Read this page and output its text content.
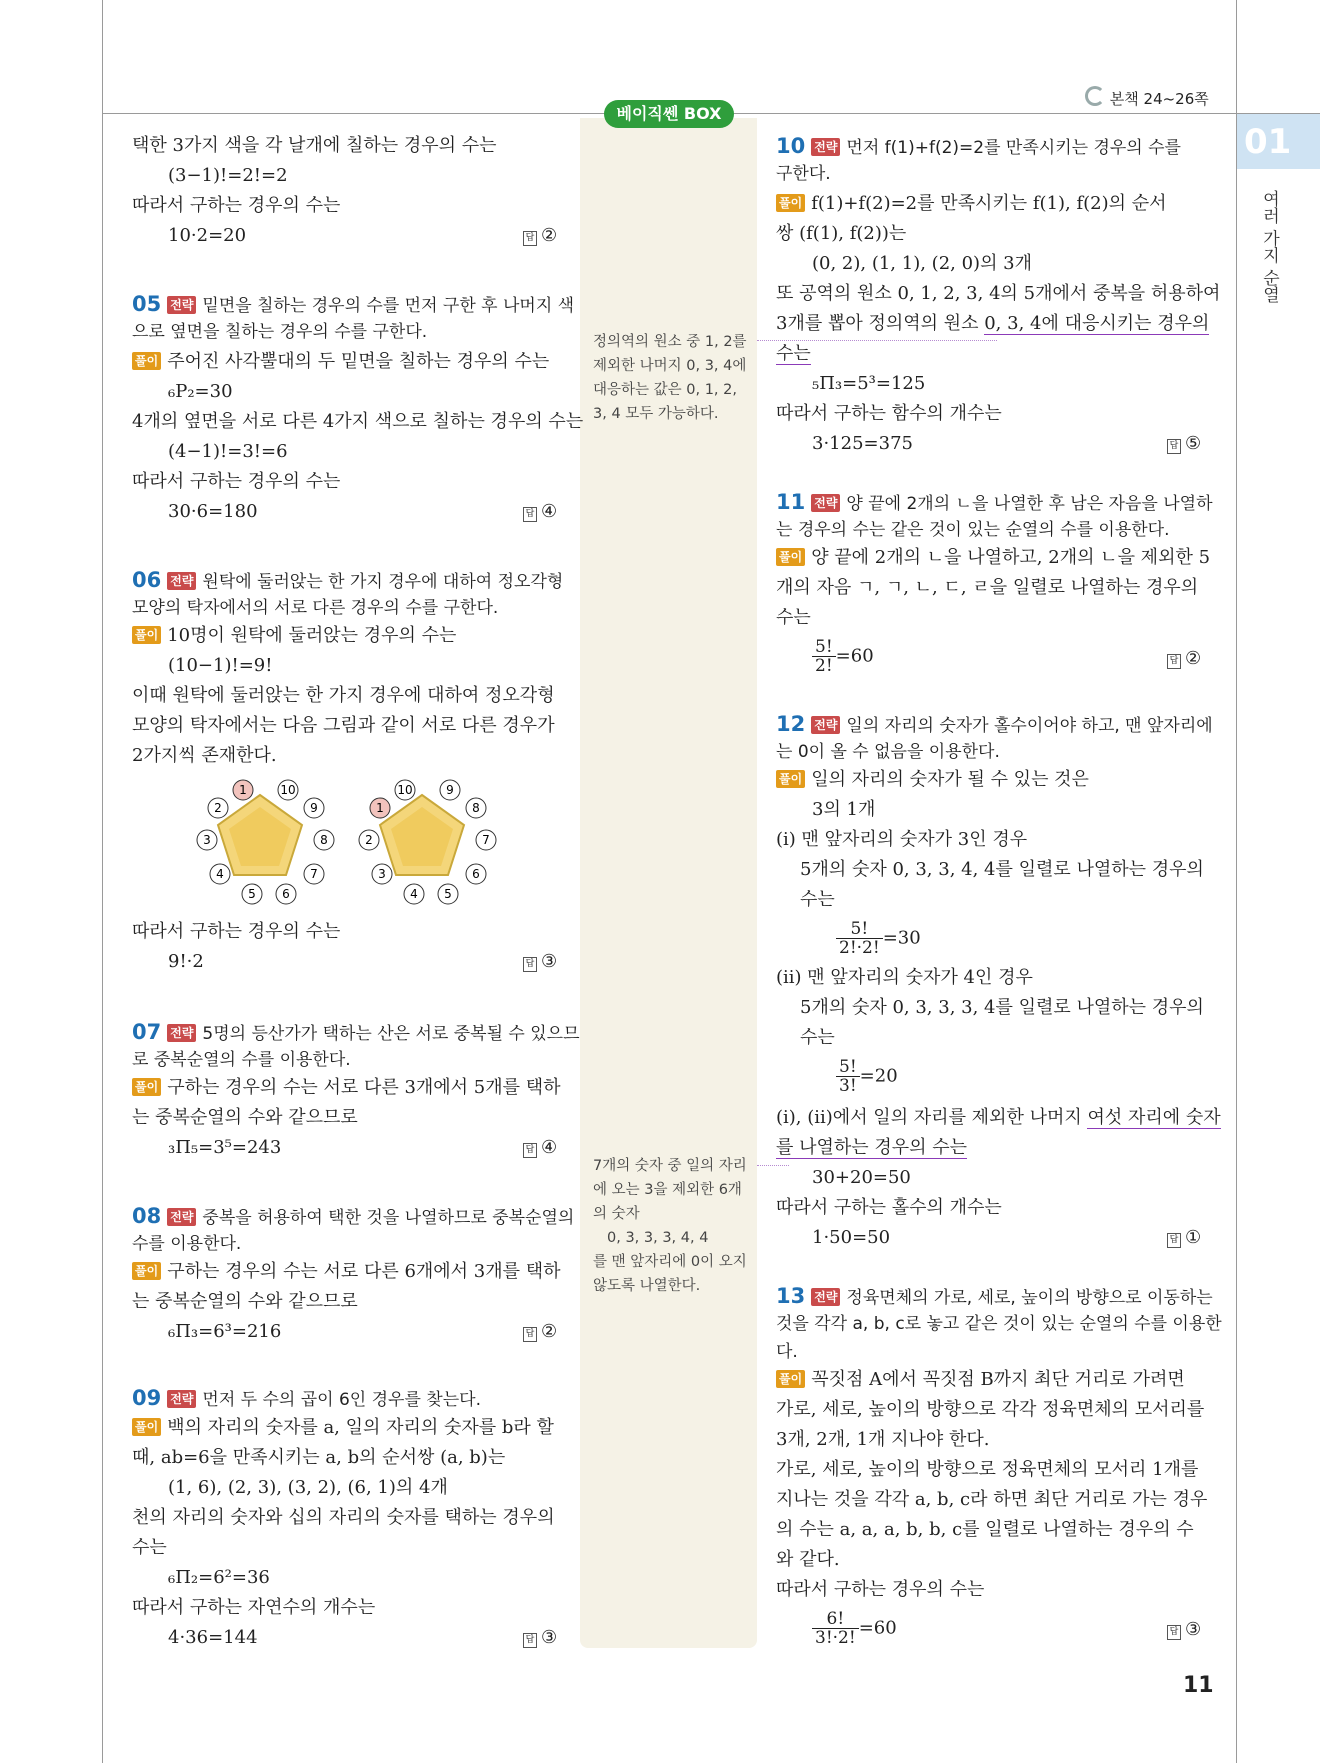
본책 24~26쪽
베이직쎈 BOX
01
여러 가지 순열
택한 3가지 색을 각 날개에 칠하는 경우의 수는
(3−1)!=2!=2
따라서 구하는 경우의 수는
10·2=20	답 ②
05 전략 밑면을 칠하는 경우의 수를 먼저 구한 후 나머지 색
으로 옆면을 칠하는 경우의 수를 구한다.
풀이 주어진 사각뿔대의 두 밑면을 칠하는 경우의 수는
₆P₂=30
4개의 옆면을 서로 다른 4가지 색으로 칠하는 경우의 수는
(4−1)!=3!=6
따라서 구하는 경우의 수는
30·6=180	답 ④
06 전략 원탁에 둘러앉는 한 가지 경우에 대하여 정오각형
모양의 탁자에서의 서로 다른 경우의 수를 구한다.
풀이 10명이 원탁에 둘러앉는 경우의 수는
(10−1)!=9!
이때 원탁에 둘러앉는 한 가지 경우에 대하여 정오각형
모양의 탁자에서는 다음 그림과 같이 서로 다른 경우가
2가지씩 존재한다.
1	10
9
8
7
6
5
4
3
2
10	9
8
7
6
5
4
3
2
1
따라서 구하는 경우의 수는
9!·2	답 ③
07 전략 5명의 등산가가 택하는 산은 서로 중복될 수 있으므
로 중복순열의 수를 이용한다.
풀이 구하는 경우의 수는 서로 다른 3개에서 5개를 택하
는 중복순열의 수와 같으므로
₃Π₅=3⁵=243	답 ④
08 전략 중복을 허용하여 택한 것을 나열하므로 중복순열의
수를 이용한다.
풀이 구하는 경우의 수는 서로 다른 6개에서 3개를 택하
는 중복순열의 수와 같으므로
₆Π₃=6³=216	답 ②
09 전략 먼저 두 수의 곱이 6인 경우를 찾는다.
풀이 백의 자리의 숫자를 a, 일의 자리의 숫자를 b라 할
때, ab=6을 만족시키는 a, b의 순서쌍 (a, b)는
(1, 6), (2, 3), (3, 2), (6, 1)의 4개
천의 자리의 숫자와 십의 자리의 숫자를 택하는 경우의
수는
₆Π₂=6²=36
따라서 구하는 자연수의 개수는
4·36=144	답 ③
정의역의 원소 중 1, 2를
제외한 나머지 0, 3, 4에
대응하는 값은 0, 1, 2,
3, 4 모두 가능하다.
7개의 숫자 중 일의 자리
에 오는 3을 제외한 6개
의 숫자
0, 3, 3, 3, 4, 4
를 맨 앞자리에 0이 오지
않도록 나열한다.
10 전략 먼저 f(1)+f(2)=2를 만족시키는 경우의 수를
구한다.
풀이 f(1)+f(2)=2를 만족시키는 f(1), f(2)의 순서
쌍 (f(1), f(2))는
(0, 2), (1, 1), (2, 0)의 3개
또 공역의 원소 0, 1, 2, 3, 4의 5개에서 중복을 허용하여
3개를 뽑아 정의역의 원소 0, 3, 4에 대응시키는 경우의
수는
₅Π₃=5³=125
따라서 구하는 함수의 개수는
3·125=375	답 ⑤
11 전략 양 끝에 2개의 ㄴ을 나열한 후 남은 자음을 나열하
는 경우의 수는 같은 것이 있는 순열의 수를 이용한다.
풀이 양 끝에 2개의 ㄴ을 나열하고, 2개의 ㄴ을 제외한 5
개의 자음 ㄱ, ㄱ, ㄴ, ㄷ, ㄹ을 일렬로 나열하는 경우의
수는
$\frac{5!}{2!} =60$	답 ②
12 전략 일의 자리의 숫자가 홀수이어야 하고, 맨 앞자리에
는 0이 올 수 없음을 이용한다.
풀이 일의 자리의 숫자가 될 수 있는 것은
3의 1개
(i) 맨 앞자리의 숫자가 3인 경우
5개의 숫자 0, 3, 3, 4, 4를 일렬로 나열하는 경우의
수는
$\frac{5!}{2!\cdot 2!} =30$
(ii) 맨 앞자리의 숫자가 4인 경우
5개의 숫자 0, 3, 3, 3, 4를 일렬로 나열하는 경우의
수는
$\frac{5!}{3!} =20$
(i), (ii)에서 일의 자리를 제외한 나머지 여섯 자리에 숫자
를 나열하는 경우의 수는
30+20=50
따라서 구하는 홀수의 개수는
1·50=50	답 ①
13 전략 정육면체의 가로, 세로, 높이의 방향으로 이동하는
것을 각각 a, b, c로 놓고 같은 것이 있는 순열의 수를 이용한
다.
풀이 꼭짓점 A에서 꼭짓점 B까지 최단 거리로 가려면
가로, 세로, 높이의 방향으로 각각 정육면체의 모서리를
3개, 2개, 1개 지나야 한다.
가로, 세로, 높이의 방향으로 정육면체의 모서리 1개를
지나는 것을 각각 a, b, c라 하면 최단 거리로 가는 경우
의 수는 a, a, a, b, b, c를 일렬로 나열하는 경우의 수
와 같다.
따라서 구하는 경우의 수는
$\frac{6!}{3!\cdot 2!} =60$	답 ③
11
